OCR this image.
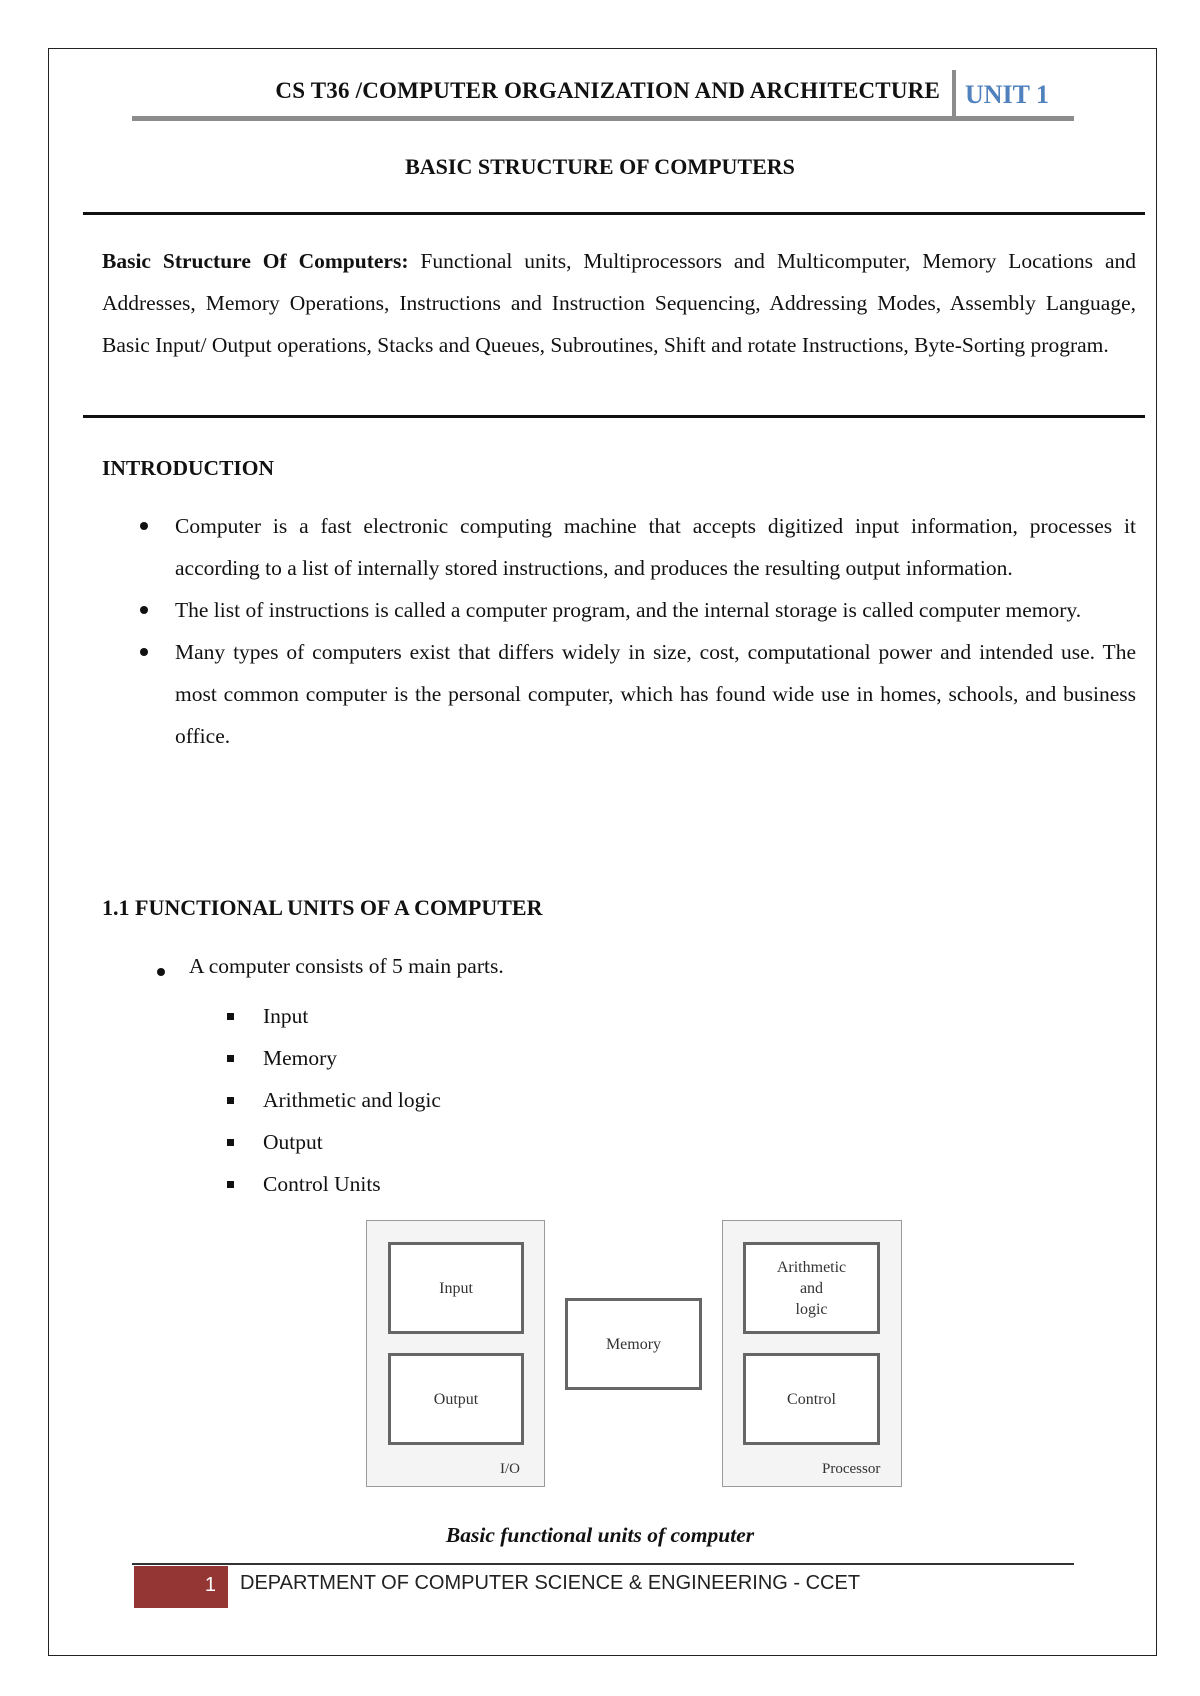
CS T36 /COMPUTER ORGANIZATION AND ARCHITECTURE UNIT 1
BASIC STRUCTURE OF COMPUTERS
Basic Structure Of Computers: Functional units, Multiprocessors and Multicomputer, Memory Locations and Addresses, Memory Operations, Instructions and Instruction Sequencing, Addressing Modes, Assembly Language, Basic Input/ Output operations, Stacks and Queues, Subroutines, Shift and rotate Instructions, Byte-Sorting program.
INTRODUCTION
Computer is a fast electronic computing machine that accepts digitized input information, processes it according to a list of internally stored instructions, and produces the resulting output information.
The list of instructions is called a computer program, and the internal storage is called computer memory.
Many types of computers exist that differs widely in size, cost, computational power and intended use. The most common computer is the personal computer, which has found wide use in homes, schools, and business office.
1.1 FUNCTIONAL UNITS OF A COMPUTER
A computer consists of 5 main parts.
Input
Memory
Arithmetic and logic
Output
Control Units
Input
Output
I/O
Memory
Arithmetic
and
logic
Control
Processor
Basic functional units of computer
1 DEPARTMENT OF COMPUTER SCIENCE & ENGINEERING - CCET
